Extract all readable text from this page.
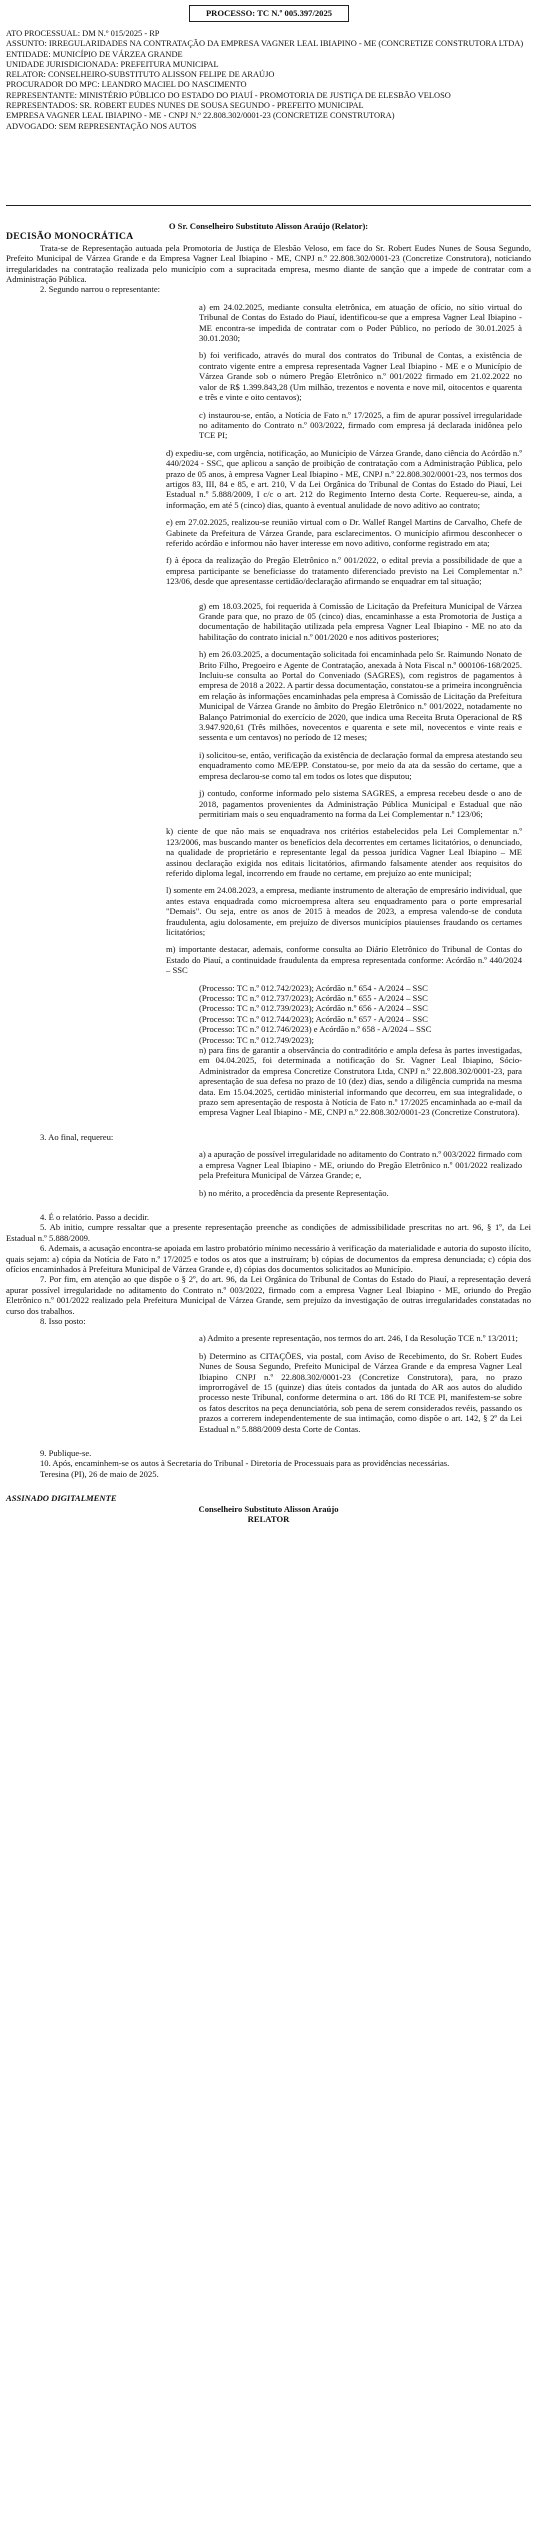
PROCESSO: TC N.º 005.397/2025

ATO PROCESSUAL: DM N.º 015/2025 - RP

ASSUNTO: IRREGULARIDADES NA CONTRATAÇÃO DA EMPRESA VAGNER LEAL IBIAPINO - ME (CONCRETIZE CONSTRUTORA LTDA)

ENTIDADE: MUNICÍPIO DE VÁRZEA GRANDE

UNIDADE JURISDICIONADA: PREFEITURA MUNICIPAL

RELATOR: CONSELHEIRO-SUBSTITUTO ALISSON FELIPE DE ARAÚJO

PROCURADOR DO MPC: LEANDRO MACIEL DO NASCIMENTO

REPRESENTANTE: MINISTÉRIO PÚBLICO DO ESTADO DO PIAUÍ - PROMOTORIA DE JUSTIÇA DE ELESBÃO VELOSO

REPRESENTADOS: SR. ROBERT EUDES NUNES DE SOUSA SEGUNDO - PREFEITO MUNICIPAL

EMPRESA VAGNER LEAL IBIAPINO - ME - CNPJ N.º 22.808.302/0001-23 (CONCRETIZE CONSTRUTORA)

ADVOGADO: SEM REPRESENTAÇÃO NOS AUTOS

O Sr. Conselheiro Substituto Alisson Araújo (Relator):

DECISÃO MONOCRÁTICA

Trata-se de Representação autuada pela Promotoria de Justiça de Elesbão Veloso, em face do Sr. Robert Eudes Nunes de Sousa Segundo, Prefeito Municipal de Várzea Grande e da Empresa Vagner Leal Ibiapino - ME, CNPJ n.º 22.808.302/0001-23 (Concretize Construtora), noticiando irregularidades na contratação realizada pelo município com a supracitada empresa, mesmo diante de sanção que a impede de contratar com a Administração Pública.

2. Segundo narrou o representante:

a) em 24.02.2025, mediante consulta eletrônica, em atuação de ofício, no sítio virtual do Tribunal de Contas do Estado do Piauí, identificou-se que a empresa Vagner Leal Ibiapino - ME encontra-se impedida de contratar com o Poder Público, no período de 30.01.2025 à 30.01.2030;

b) foi verificado, através do mural dos contratos do Tribunal de Contas, a existência de contrato vigente entre a empresa representada Vagner Leal Ibiapino - ME e o Município de Várzea Grande sob o número Pregão Eletrônico n.º 001/2022 firmado em 21.02.2022 no valor de R$ 1.399.843,28 (Um milhão, trezentos e noventa e nove mil, oitocentos e quarenta e três e vinte e oito centavos);

c) instaurou-se, então, a Notícia de Fato n.º 17/2025, a fim de apurar possível irregularidade no aditamento do Contrato n.º 003/2022, firmado com empresa já declarada inidônea pelo TCE PI;

d) expediu-se, com urgência, notificação, ao Município de Várzea Grande, dano ciência do Acórdão n.º 440/2024 - SSC, que aplicou a sanção de proibição de contratação com a Administração Pública, pelo prazo de 05 anos, à empresa Vagner Leal Ibiapino - ME, CNPJ n.º 22.808.302/0001-23, nos termos dos artigos 83, III, 84 e 85, e art. 210, V da Lei Orgânica do Tribunal de Contas do Estado do Piauí, Lei Estadual n.º 5.888/2009, I c/c o art. 212 do Regimento Interno desta Corte. Requereu-se, ainda, a informação, em até 5 (cinco) dias, quanto à eventual anulidade de novo aditivo ao contrato;

e) em 27.02.2025, realizou-se reunião virtual com o Dr. Wallef Rangel Martins de Carvalho, Chefe de Gabinete da Prefeitura de Várzea Grande, para esclarecimentos. O município afirmou desconhecer o referido acórdão e informou não haver interesse em novo aditivo, conforme registrado em ata;

f) à época da realização do Pregão Eletrônico n.º 001/2022, o edital previa a possibilidade de que a empresa participante se beneficiasse do tratamento diferenciado previsto na Lei Complementar n.º 123/06, desde que apresentasse certidão/declaração afirmando se enquadrar em tal situação;

g) em 18.03.2025, foi requerida à Comissão de Licitação da Prefeitura Municipal de Várzea Grande para que, no prazo de 05 (cinco) dias, encaminhasse a esta Promotoria de Justiça a documentação de habilitação utilizada pela empresa Vagner Leal Ibiapino - ME no ato da habilitação do contrato inicial n.º 001/2020 e nos aditivos posteriores;

h) em 26.03.2025, a documentação solicitada foi encaminhada pelo Sr. Raimundo Nonato de Brito Filho, Pregoeiro e Agente de Contratação, anexada à Nota Fiscal n.º 000106-168/2025. Incluiu-se consulta ao Portal do Conveniado (SAGRES), com registros de pagamentos à empresa de 2018 a 2022. A partir dessa documentação, constatou-se a primeira incongruência em relação às informações encaminhadas pela empresa à Comissão de Licitação da Prefeitura Municipal de Várzea Grande no âmbito do Pregão Eletrônico n.º 001/2022, notadamente no Balanço Patrimonial do exercício de 2020, que indica uma Receita Bruta Operacional de R$ 3.947.920,61 (Três milhões, novecentos e quarenta e sete mil, novecentos e vinte reais e sessenta e um centavos) no período de 12 meses;

i) solicitou-se, então, verificação da existência de declaração formal da empresa atestando seu enquadramento como ME/EPP. Constatou-se, por meio da ata da sessão do certame, que a empresa declarou-se como tal em todos os lotes que disputou;

j) contudo, conforme informado pelo sistema SAGRES, a empresa recebeu desde o ano de 2018, pagamentos provenientes da Administração Pública Municipal e Estadual que não permitiriam mais o seu enquadramento na forma da Lei Complementar n.º 123/06;

k) ciente de que não mais se enquadrava nos critérios estabelecidos pela Lei Complementar n.º 123/2006, mas buscando manter os benefícios dela decorrentes em certames licitatórios, o denunciado, na qualidade de proprietário e representante legal da pessoa jurídica Vagner Leal Ibiapino – ME assinou declaração exigida nos editais licitatórios, afirmando falsamente atender aos requisitos do referido diploma legal, incorrendo em fraude no certame, em prejuízo ao ente municipal;

l) somente em 24.08.2023, a empresa, mediante instrumento de alteração de empresário individual, que antes estava enquadrada como microempresa altera seu enquadramento para o porte empresarial "Demais". Ou seja, entre os anos de 2015 à meados de 2023, a empresa valendo-se de conduta fraudulenta, agiu dolosamente, em prejuízo de diversos municípios piauienses fraudando os certames licitatórios;

m) importante destacar, ademais, conforme consulta ao Diário Eletrônico do Tribunal de Contas do Estado do Piauí, a continuidade fraudulenta da empresa representada conforme: Acórdão n.º 440/2024 – SSC

(Processo: TC n.º 012.742/2023); Acórdão n.º 654 - A/2024 – SSC

(Processo: TC n.º 012.737/2023); Acórdão n.º 655 - A/2024 – SSC

(Processo: TC n.º 012.739/2023); Acórdão n.º 656 - A/2024 – SSC

(Processo: TC n.º 012.744/2023); Acórdão n.º 657 - A/2024 – SSC

(Processo: TC n.º 012.746/2023) e Acórdão n.º 658 - A/2024 – SSC

(Processo: TC n.º 012.749/2023);

n) para fins de garantir a observância do contraditório e ampla defesa às partes investigadas, em 04.04.2025, foi determinada a notificação do Sr. Vagner Leal Ibiapino, Sócio-Administrador da empresa Concretize Construtora Ltda, CNPJ n.º 22.808.302/0001-23, para apresentação de sua defesa no prazo de 10 (dez) dias, sendo a diligência cumprida na mesma data. Em 15.04.2025, certidão ministerial informando que decorreu, em sua integralidade, o prazo sem apresentação de resposta à Notícia de Fato n.º 17/2025 encaminhada ao e-mail da empresa Vagner Leal Ibiapino - ME, CNPJ n.º 22.808.302/0001-23 (Concretize Construtora).

3. Ao final, requereu:

a) a apuração de possível irregularidade no aditamento do Contrato n.º 003/2022 firmado com a empresa Vagner Leal Ibiapino - ME, oriundo do Pregão Eletrônico n.º 001/2022 realizado pela Prefeitura Municipal de Várzea Grande; e,

b) no mérito, a procedência da presente Representação.

4. É o relatório. Passo a decidir.

5. Ab initio, cumpre ressaltar que a presente representação preenche as condições de admissibilidade prescritas no art. 96, § 1º, da Lei Estadual n.º 5.888/2009.

6. Ademais, a acusação encontra-se apoiada em lastro probatório mínimo necessário à verificação da materialidade e autoria do suposto ilícito, quais sejam: a) cópia da Notícia de Fato n.º 17/2025 e todos os atos que a instruíram; b) cópias de documentos da empresa denunciada; c) cópia dos ofícios encaminhados à Prefeitura Municipal de Várzea Grande e, d) cópias dos documentos solicitados ao Município.

7. Por fim, em atenção ao que dispõe o § 2º, do art. 96, da Lei Orgânica do Tribunal de Contas do Estado do Piauí, a representação deverá apurar possível irregularidade no aditamento do Contrato n.º 003/2022, firmado com a empresa Vagner Leal Ibiapino - ME, oriundo do Pregão Eletrônico n.º 001/2022 realizado pela Prefeitura Municipal de Várzea Grande, sem prejuízo da investigação de outras irregularidades constatadas no curso dos trabalhos.

8. Isso posto:

a) Admito a presente representação, nos termos do art. 246, I da Resolução TCE n.º 13/2011;

b) Determino as CITAÇÕES, via postal, com Aviso de Recebimento, do Sr. Robert Eudes Nunes de Sousa Segundo, Prefeito Municipal de Várzea Grande e da empresa Vagner Leal Ibiapino CNPJ n.º 22.808.302/0001-23 (Concretize Construtora), para, no prazo improrrogável de 15 (quinze) dias úteis contados da juntada do AR aos autos do aludido processo neste Tribunal, conforme determina o art. 186 do RI TCE PI, manifestem-se sobre os fatos descritos na peça denunciatória, sob pena de serem considerados revéis, passando os prazos a correrem independentemente de sua intimação, como dispõe o art. 142, § 2º da Lei Estadual n.º 5.888/2009 desta Corte de Contas.

9. Publique-se.

10. Após, encaminhem-se os autos à Secretaria do Tribunal - Diretoria de Processuais para as providências necessárias.

Teresina (PI), 26 de maio de 2025.

ASSINADO DIGITALMENTE

Conselheiro Substituto Alisson Araújo

RELATOR
